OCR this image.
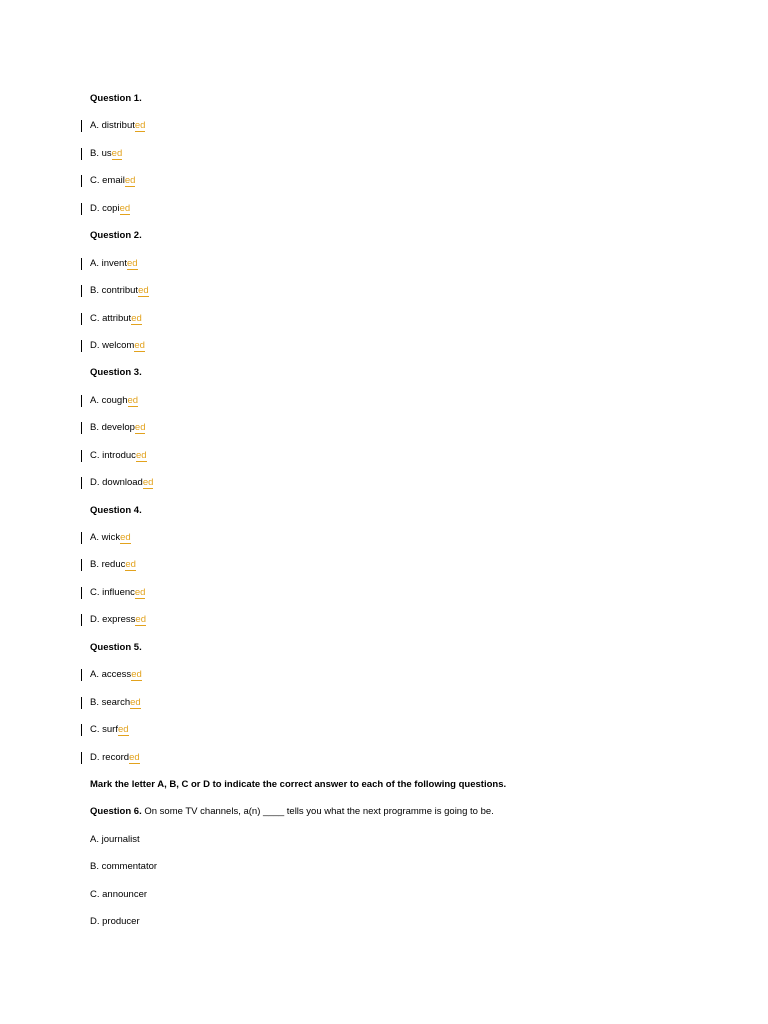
Question 1.
A. distributed
B. used
C. emailed
D. copied
Question 2.
A. invented
B. contributed
C. attributed
D. welcomed
Question 3.
A. coughed
B. developed
C. introduced
D. downloaded
Question 4.
A. wicked
B. reduced
C. influenced
D. expressed
Question 5.
A. accessed
B. searched
C. surfed
D. recorded
Mark the letter A, B, C or D to indicate the correct answer to each of the following questions.
Question 6. On some TV channels, a(n) ____ tells you what the next programme is going to be.
A. journalist
B. commentator
C. announcer
D. producer
